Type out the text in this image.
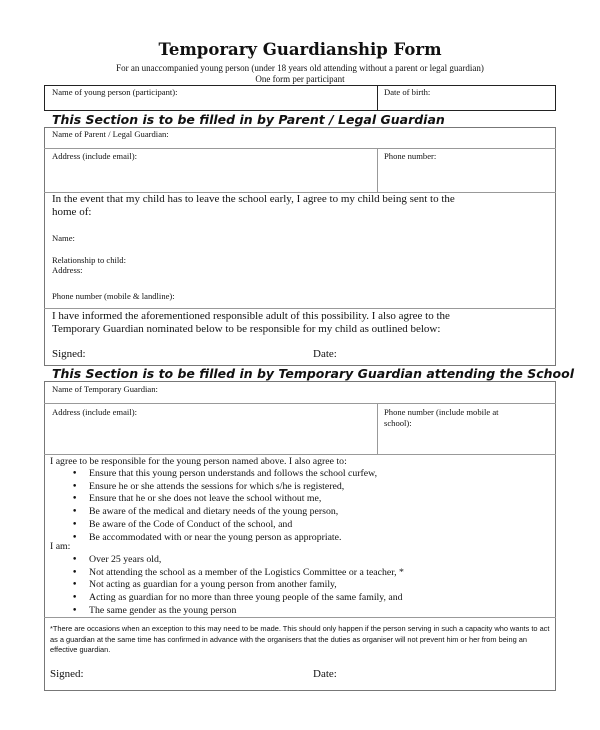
Temporary Guardianship Form
For an unaccompanied young person (under 18 years old attending without a parent or legal guardian)
One form per participant
Name of young person (participant):	Date of birth:
This Section is to be filled in by Parent / Legal Guardian
Name of Parent / Legal Guardian:
Address (include email):	Phone number:
In the event that my child has to leave the school early, I agree to my child being sent to the
home of:
Name:
Relationship to child:
Address:
Phone number (mobile & landline):
I have informed the aforementioned responsible adult of this possibility. I also agree to the
Temporary Guardian nominated below to be responsible for my child as outlined below:
Signed:	Date:
This Section is to be filled in by Temporary Guardian attending the School
Name of Temporary Guardian:
Address (include email):	Phone number (include mobile at
school):
I agree to be responsible for the young person named above. I also agree to:
• Ensure that this young person understands and follows the school curfew,
• Ensure he or she attends the sessions for which s/he is registered,
• Ensure that he or she does not leave the school without me,
• Be aware of the medical and dietary needs of the young person,
• Be aware of the Code of Conduct of the school, and
• Be accommodated with or near the young person as appropriate.
I am:
• Over 25 years old,
• Not attending the school as a member of the Logistics Committee or a teacher, *
• Not acting as guardian for a young person from another family,
• Acting as guardian for no more than three young people of the same family, and
• The same gender as the young person
*There are occasions when an exception to this may need to be made. This should only happen if the person serving in such a capacity who wants to act as a guardian at the same time has confirmed in advance with the organisers that the duties as organiser will not prevent him or her from being an effective guardian.
Signed:	Date:
